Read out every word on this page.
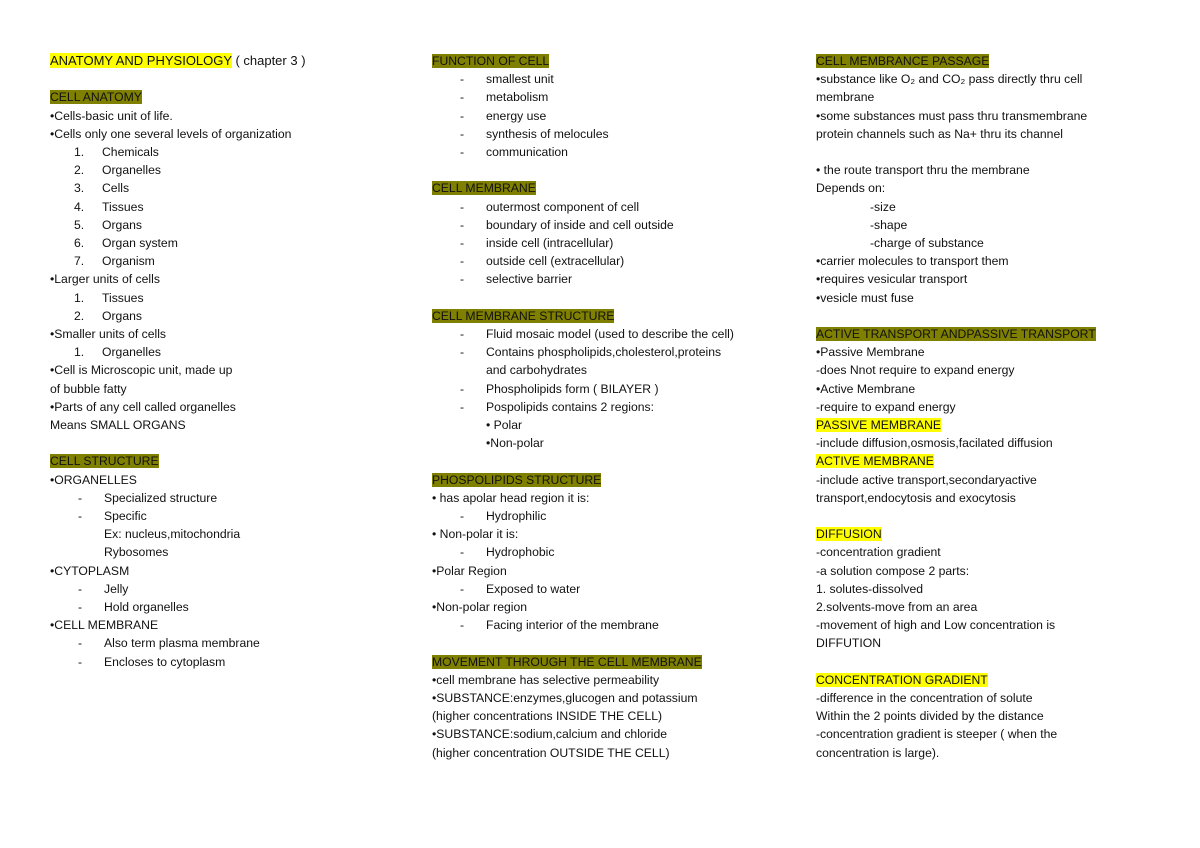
ANATOMY AND PHYSIOLOGY ( chapter 3 )
CELL ANATOMY
•Cells-basic unit of life.
•Cells only one several levels of organization
1. Chemicals
2. Organelles
3. Cells
4. Tissues
5. Organs
6. Organ system
7. Organism
•Larger units of cells
1. Tissues
2. Organs
•Smaller units of cells
1. Organelles
•Cell is Microscopic unit, made up
of bubble fatty
•Parts of any cell called organelles
Means SMALL ORGANS
CELL STRUCTURE
•ORGANELLES
- Specialized structure
- Specific
Ex: nucleus,mitochondria
Rybosomes
•CYTOPLASM
- Jelly
- Hold organelles
•CELL MEMBRANE
- Also term plasma membrane
- Encloses to cytoplasm
FUNCTION OF CELL
- smallest unit
- metabolism
- energy use
- synthesis of melocules
- communication
CELL MEMBRANE
- outermost component of cell
- boundary of inside and cell outside
- inside cell (intracellular)
- outside cell (extracellular)
- selective barrier
CELL MEMBRANE STRUCTURE
- Fluid mosaic model (used to describe the cell)
- Contains phospholipids,cholesterol,proteins
and carbohydrates
- Phospholipids form ( BILAYER )
- Pospolipids contains 2 regions:
• Polar
•Non-polar
PHOSPOLIPIDS STRUCTURE
• has apolar head region it is:
- Hydrophilic
• Non-polar it is:
- Hydrophobic
•Polar Region
- Exposed to water
•Non-polar region
- Facing interior of the membrane
MOVEMENT THROUGH THE CELL MEMBRANE
•cell membrane has selective permeability
•SUBSTANCE:enzymes,glucogen and potassium
(higher concentrations INSIDE THE CELL)
•SUBSTANCE:sodium,calcium and chloride
(higher concentration OUTSIDE THE CELL)
CELL MEMBRANCE PASSAGE
•substance like O₂ and CO₂ pass directly thru cell
membrane
•some substances must pass thru transmembrane
protein channels such as Na+ thru its channel
• the route transport thru the membrane
Depends on:
-size
-shape
-charge of substance
•carrier molecules to transport them
•requires vesicular transport
•vesicle must fuse
ACTIVE TRANSPORT ANDPASSIVE TRANSPORT
•Passive Membrane
-does Nnot require to expand energy
•Active Membrane
-require to expand energy
PASSIVE MEMBRANE
-include diffusion,osmosis,facilated diffusion
ACTIVE MEMBRANE
-include active transport,secondaryactive
transport,endocytosis and exocytosis
DIFFUSION
-concentration gradient
-a solution compose 2 parts:
1. solutes-dissolved
2.solvents-move from an area
-movement of high and Low concentration is
DIFFUTION
CONCENTRATION GRADIENT
-difference in the concentration of solute
Within the 2 points divided by the distance
-concentration gradient is steeper ( when the
concentration is large).
